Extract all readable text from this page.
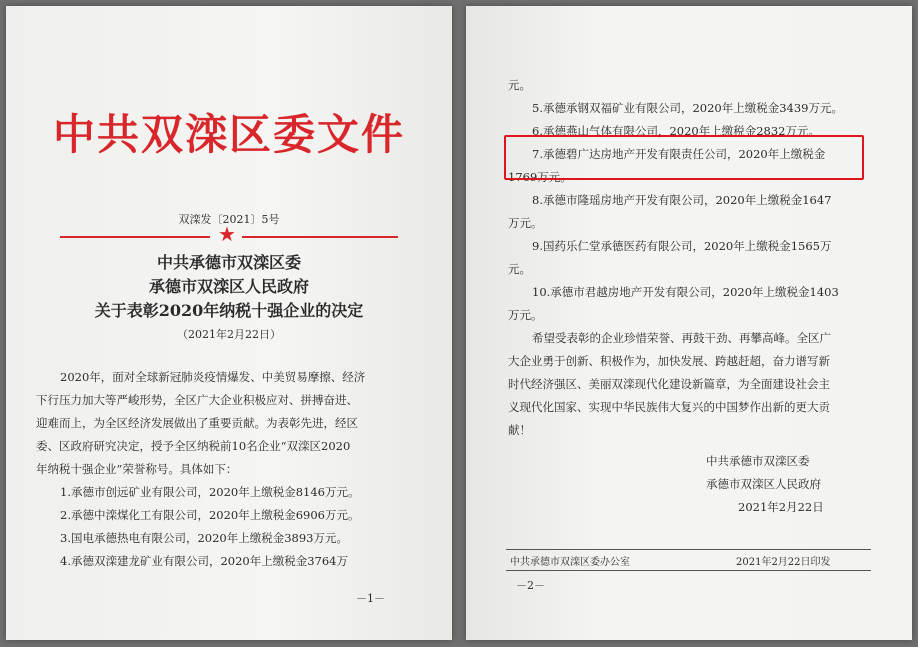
中共双滦区委文件
双滦发〔2021〕5号
★
中共承德市双滦区委
承德市双滦区人民政府
关于表彰2020年纳税十强企业的决定
（2021年2月22日）
2020年，面对全球新冠肺炎疫情爆发、中美贸易摩擦、经济
下行压力加大等严峻形势，全区广大企业积极应对、拼搏奋进、
迎难而上，为全区经济发展做出了重要贡献。为表彰先进，经区
委、区政府研究决定，授予全区纳税前10名企业“双滦区2020
年纳税十强企业”荣誉称号。具体如下：
1.承德市创远矿业有限公司，2020年上缴税金8146万元。
2.承德中滦煤化工有限公司，2020年上缴税金6906万元。
3.国电承德热电有限公司，2020年上缴税金3893万元。
4.承德双滦建龙矿业有限公司，2020年上缴税金3764万
－1－
元。
5.承德承钢双福矿业有限公司，2020年上缴税金3439万元。
6.承德燕山气体有限公司，2020年上缴税金2832万元。
7.承德碧广达房地产开发有限责任公司，2020年上缴税金
1769万元。
8.承德市隆瑶房地产开发有限公司，2020年上缴税金1647
万元。
9.国药乐仁堂承德医药有限公司，2020年上缴税金1565万
元。
10.承德市君越房地产开发有限公司，2020年上缴税金1403
万元。
希望受表彰的企业珍惜荣誉、再鼓干劲、再攀高峰。全区广
大企业勇于创新、积极作为，加快发展、跨越赶超，奋力谱写新
时代经济强区、美丽双滦现代化建设新篇章，为全面建设社会主
义现代化国家、实现中华民族伟大复兴的中国梦作出新的更大贡
献！
中共承德市双滦区委
承德市双滦区人民政府
2021年2月22日
中共承德市双滦区委办公室	2021年2月22日印发
－2－
